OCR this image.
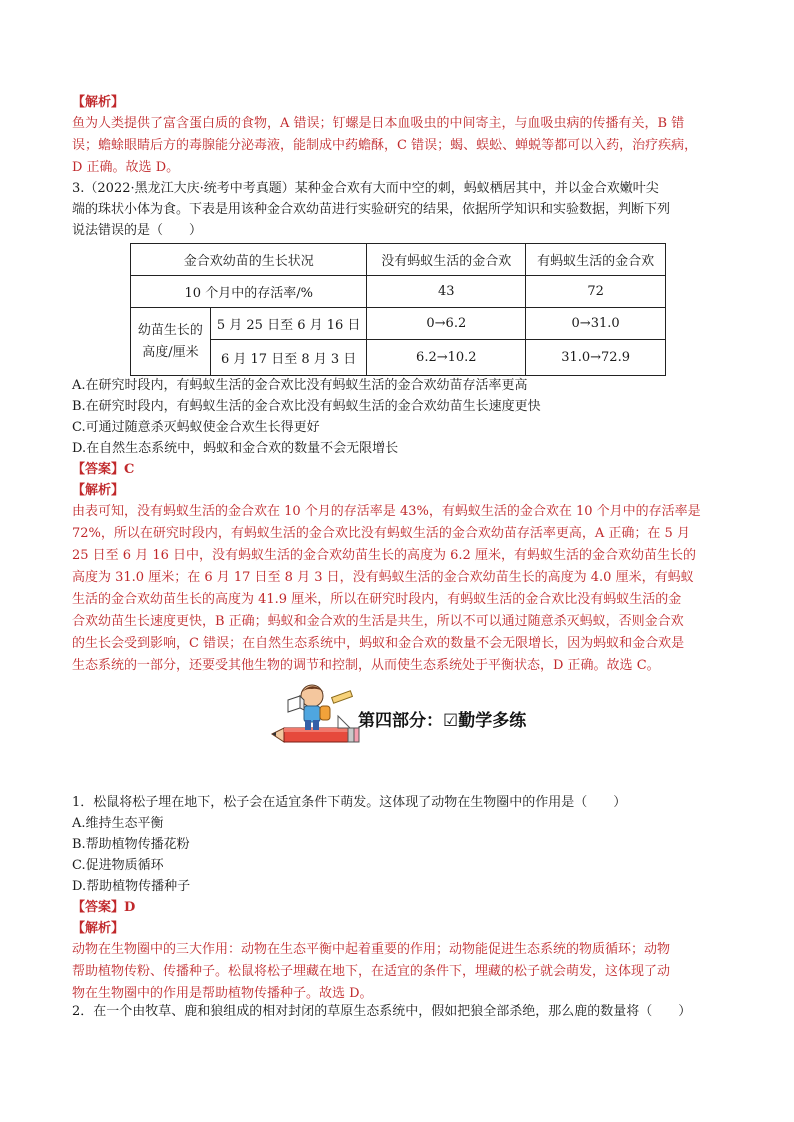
【解析】
鱼为人类提供了富含蛋白质的食物，A 错误；钉螺是日本血吸虫的中间寄主，与血吸虫病的传播有关，B 错
误；蟾蜍眼睛后方的毒腺能分泌毒液，能制成中药蟾酥，C 错误；蝎、蜈蚣、蝉蜕等都可以入药，治疗疾病，
D 正确。故选 D。
3.（2022·黑龙江大庆·统考中考真题）某种金合欢有大而中空的刺，蚂蚁栖居其中，并以金合欢嫩叶尖
端的珠状小体为食。下表是用该种金合欢幼苗进行实验研究的结果，依据所学知识和实验数据，判断下列
说法错误的是（　　）
金合欢幼苗的生长状况		没有蚂蚁生活的金合欢	有蚂蚁生活的金合欢
10 个月中的存活率/%		43	72
幼苗生长的高度/厘米	5 月 25 日至 6 月 16 日	0→6.2	0→31.0
	6 月 17 日至 8 月 3 日	6.2→10.2	31.0→72.9
A.在研究时段内，有蚂蚁生活的金合欢比没有蚂蚁生活的金合欢幼苗存活率更高
B.在研究时段内，有蚂蚁生活的金合欢比没有蚂蚁生活的金合欢幼苗生长速度更快
C.可通过随意杀灭蚂蚁使金合欢生长得更好
D.在自然生态系统中，蚂蚁和金合欢的数量不会无限增长
【答案】C
【解析】
由表可知，没有蚂蚁生活的金合欢在 10 个月的存活率是 43%，有蚂蚁生活的金合欢在 10 个月中的存活率是
72%，所以在研究时段内，有蚂蚁生活的金合欢比没有蚂蚁生活的金合欢幼苗存活率更高，A 正确；在 5 月
25 日至 6 月 16 日中，没有蚂蚁生活的金合欢幼苗生长的高度为 6.2 厘米，有蚂蚁生活的金合欢幼苗生长的
高度为 31.0 厘米；在 6 月 17 日至 8 月 3 日，没有蚂蚁生活的金合欢幼苗生长的高度为 4.0 厘米，有蚂蚁
生活的金合欢幼苗生长的高度为 41.9 厘米，所以在研究时段内，有蚂蚁生活的金合欢比没有蚂蚁生活的金
合欢幼苗生长速度更快，B 正确；蚂蚁和金合欢的生活是共生，所以不可以通过随意杀灭蚂蚁，否则金合欢
的生长会受到影响，C 错误；在自然生态系统中，蚂蚁和金合欢的数量不会无限增长，因为蚂蚁和金合欢是
生态系统的一部分，还要受其他生物的调节和控制，从而使生态系统处于平衡状态，D 正确。故选 C。
第四部分：☑勤学多练
1．松鼠将松子埋在地下，松子会在适宜条件下萌发。这体现了动物在生物圈中的作用是（　　）
A.维持生态平衡
B.帮助植物传播花粉
C.促进物质循环
D.帮助植物传播种子
【答案】D
【解析】
动物在生物圈中的三大作用：动物在生态平衡中起着重要的作用；动物能促进生态系统的物质循环；动物
帮助植物传粉、传播种子。松鼠将松子埋藏在地下，在适宜的条件下，埋藏的松子就会萌发，这体现了动
物在生物圈中的作用是帮助植物传播种子。故选 D。
2．在一个由牧草、鹿和狼组成的相对封闭的草原生态系统中，假如把狼全部杀绝，那么鹿的数量将（　　）
